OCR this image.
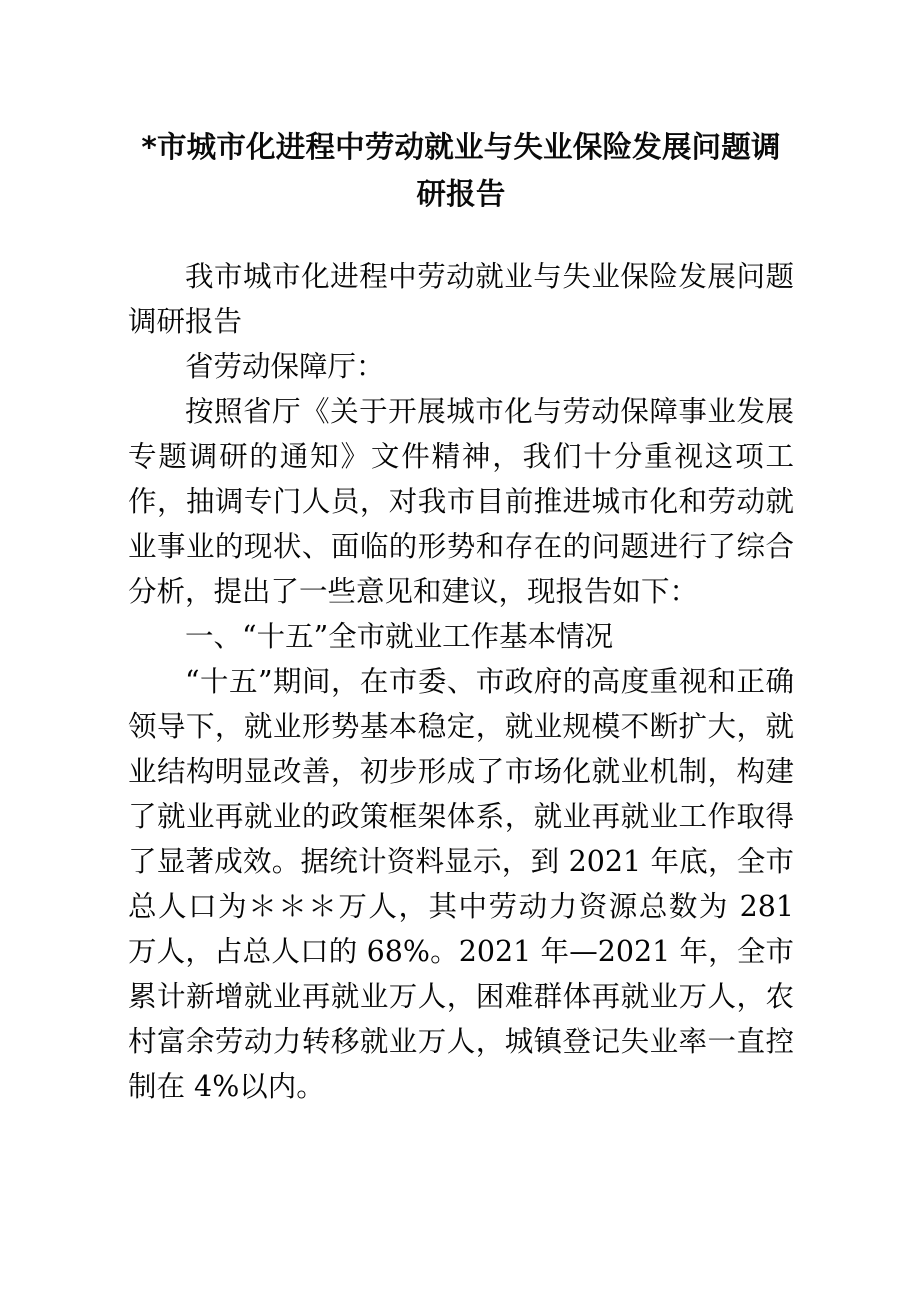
*市城市化进程中劳动就业与失业保险发展问题调研报告

我市城市化进程中劳动就业与失业保险发展问题调研报告

省劳动保障厅：

按照省厅《关于开展城市化与劳动保障事业发展专题调研的通知》文件精神，我们十分重视这项工作，抽调专门人员，对我市目前推进城市化和劳动就业事业的现状、面临的形势和存在的问题进行了综合分析，提出了一些意见和建议，现报告如下：

一、“十五”全市就业工作基本情况

“十五”期间，在市委、市政府的高度重视和正确领导下，就业形势基本稳定，就业规模不断扩大，就业结构明显改善，初步形成了市场化就业机制，构建了就业再就业的政策框架体系，就业再就业工作取得了显著成效。据统计资料显示，到 2021 年底，全市总人口为＊＊＊万人，其中劳动力资源总数为 281 万人，占总人口的 68%。2021 年—2021 年，全市累计新增就业再就业万人，困难群体再就业万人，农村富余劳动力转移就业万人，城镇登记失业率一直控制在 4%以内。
